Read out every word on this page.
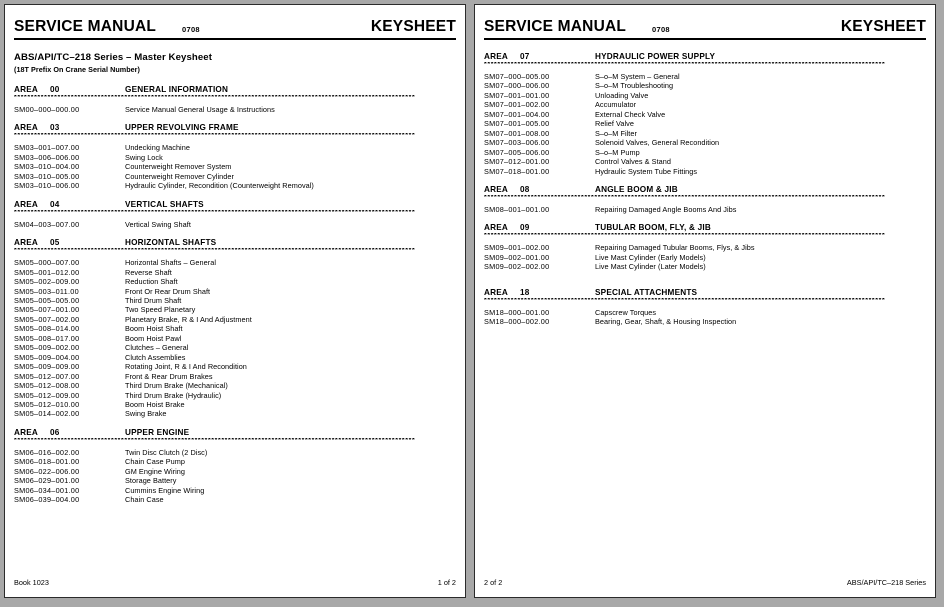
SERVICE MANUAL	0708	KEYSHEET
ABS/API/TC–218 Series – Master Keysheet
(18T Prefix On Crane Serial Number)
AREA	00	GENERAL INFORMATION
************************************************************************************************************************
SM00–000–000.00	Service Manual General Usage & Instructions
AREA	03	UPPER REVOLVING FRAME
************************************************************************************************************************
SM03–001–007.00	Undecking Machine
SM03–006–006.00	Swing Lock
SM03–010–004.00	Counterweight Remover System
SM03–010–005.00	Counterweight Remover Cylinder
SM03–010–006.00	Hydraulic Cylinder, Recondition (Counterweight Removal)
AREA	04	VERTICAL SHAFTS
************************************************************************************************************************
SM04–003–007.00	Vertical Swing Shaft
AREA	05	HORIZONTAL SHAFTS
************************************************************************************************************************
SM05–000–007.00	Horizontal Shafts – General
SM05–001–012.00	Reverse Shaft
SM05–002–009.00	Reduction Shaft
SM05–003–011.00	Front Or Rear Drum Shaft
SM05–005–005.00	Third Drum Shaft
SM05–007–001.00	Two Speed Planetary
SM05–007–002.00	Planetary Brake, R & I And Adjustment
SM05–008–014.00	Boom Hoist Shaft
SM05–008–017.00	Boom Hoist Pawl
SM05–009–002.00	Clutches – General
SM05–009–004.00	Clutch Assemblies
SM05–009–009.00	Rotating Joint, R & I And Recondition
SM05–012–007.00	Front & Rear Drum Brakes
SM05–012–008.00	Third Drum Brake (Mechanical)
SM05–012–009.00	Third Drum Brake (Hydraulic)
SM05–012–010.00	Boom Hoist Brake
SM05–014–002.00	Swing Brake
AREA	06	UPPER ENGINE
************************************************************************************************************************
SM06–016–002.00	Twin Disc Clutch (2 Disc)
SM06–018–001.00	Chain Case Pump
SM06–022–006.00	GM Engine Wiring
SM06–029–001.00	Storage Battery
SM06–034–001.00	Cummins Engine Wiring
SM06–039–004.00	Chain Case
Book 1023	1 of 2
SERVICE MANUAL	0708	KEYSHEET
AREA	07	HYDRAULIC POWER SUPPLY
************************************************************************************************************************
SM07–000–005.00	S–o–M System – General
SM07–000–006.00	S–o–M Troubleshooting
SM07–001–001.00	Unloading Valve
SM07–001–002.00	Accumulator
SM07–001–004.00	External Check Valve
SM07–001–005.00	Relief Valve
SM07–001–008.00	S–o–M Filter
SM07–003–006.00	Solenoid Valves, General Recondition
SM07–005–006.00	S–o–M Pump
SM07–012–001.00	Control Valves & Stand
SM07–018–001.00	Hydraulic System Tube Fittings
AREA	08	ANGLE BOOM & JIB
************************************************************************************************************************
SM08–001–001.00	Repairing Damaged Angle Booms And Jibs
AREA	09	TUBULAR BOOM, FLY, & JIB
************************************************************************************************************************
SM09–001–002.00	Repairing Damaged Tubular Booms, Flys, & Jibs
SM09–002–001.00	Live Mast Cylinder (Early Models)
SM09–002–002.00	Live Mast Cylinder (Later Models)
AREA	18	SPECIAL ATTACHMENTS
************************************************************************************************************************
SM18–000–001.00	Capscrew Torques
SM18–000–002.00	Bearing, Gear, Shaft, & Housing Inspection
2 of 2	ABS/API/TC–218 Series
